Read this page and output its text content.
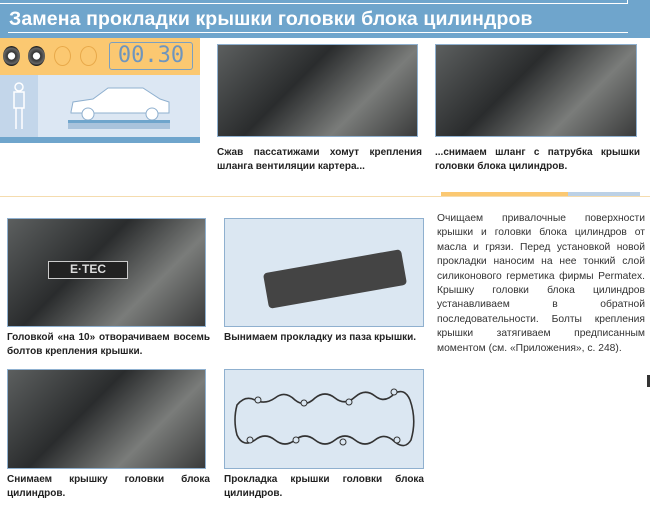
Замена прокладки крышки головки блока цилиндров
00.30
Сжав пассатижами хомут крепления шланга вентиляции картера...
...снимаем шланг с патрубка крышки головки блока цилиндров.
E·TEC
Головкой «на 10» отворачиваем восемь болтов крепления крышки.
Вынимаем прокладку из паза крышки.
Снимаем крышку головки блока цилиндров.
Прокладка крышки головки блока цилиндров.
Очищаем привалочные поверхности крышки и головки блока цилиндров от масла и грязи. Перед установкой новой прокладки наносим на нее тонкий слой силиконового герметика фирмы Permatex. Крышку головки блока цилиндров устанавливаем в обратной последовательности. Болты крепления крышки затягиваем предписанным моментом (см. «Приложения», с. 248).
